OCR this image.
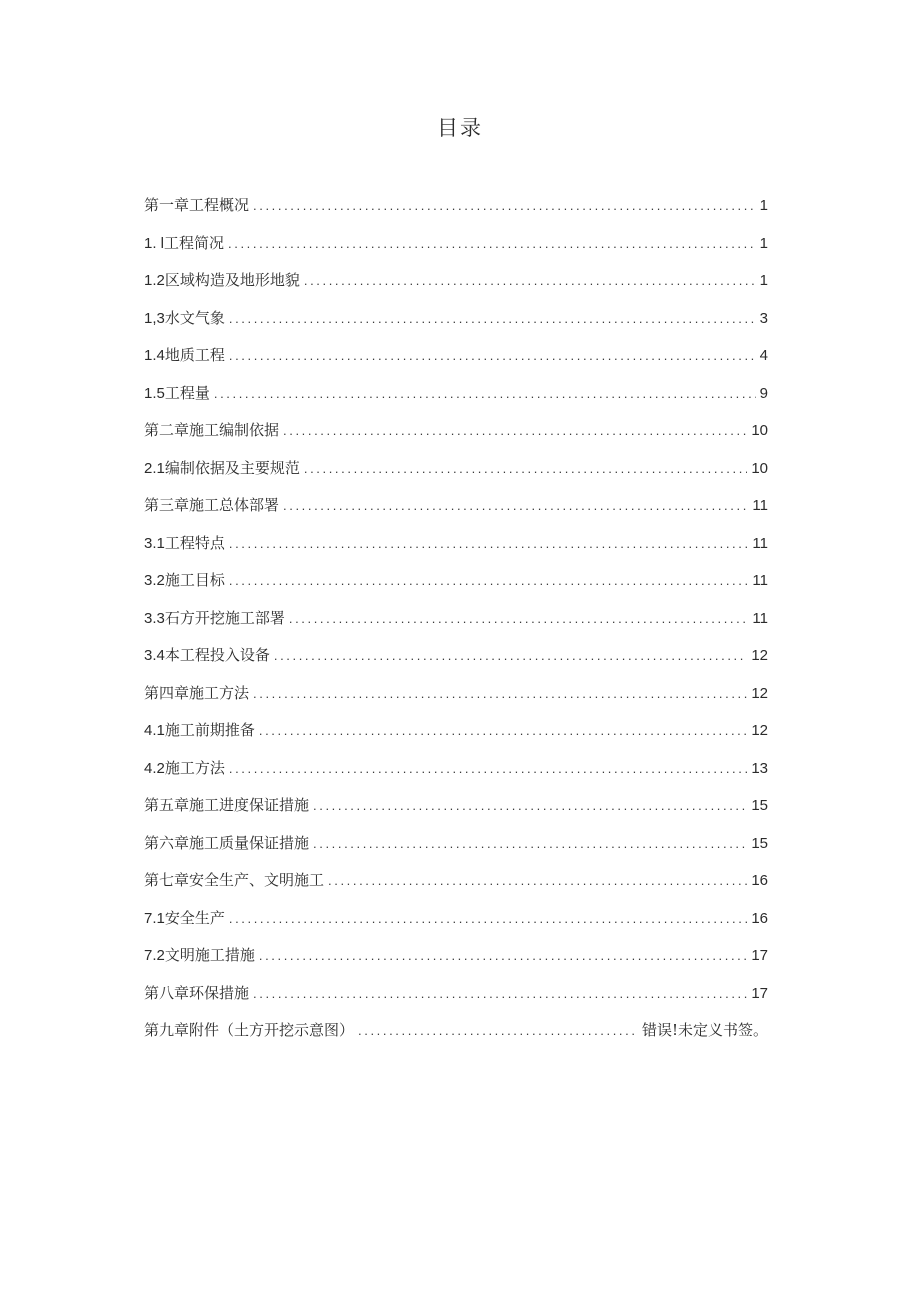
目录
第一章工程概况 .....	1
1. l工程简况 .....	1
1.2区域构造及地形地貌 .....	1
1,3水文气象 .....	3
1.4地质工程 .....	4
1.5工程量 .....	9
第二章施工编制依据 .....	10
2.1编制依据及主要规范 .....	10
第三章施工总体部署 .....	11
3.1工程特点 .....	11
3.2施工目标 .....	11
3.3石方开挖施工部署 .....	11
3.4本工程投入设备 .....	12
第四章施工方法 .....	12
4.1施工前期推备 .....	12
4.2施工方法 .....	13
第五章施工进度保证措施 .....	15
第六章施工质量保证措施 .....	15
第七章安全生产、文明施工 .....	16
7.1安全生产 .....	16
7.2文明施工措施 .....	17
第八章环保措施 .....	17
第九章附件（土方开挖示意图） .....	错误!未定义书签。
